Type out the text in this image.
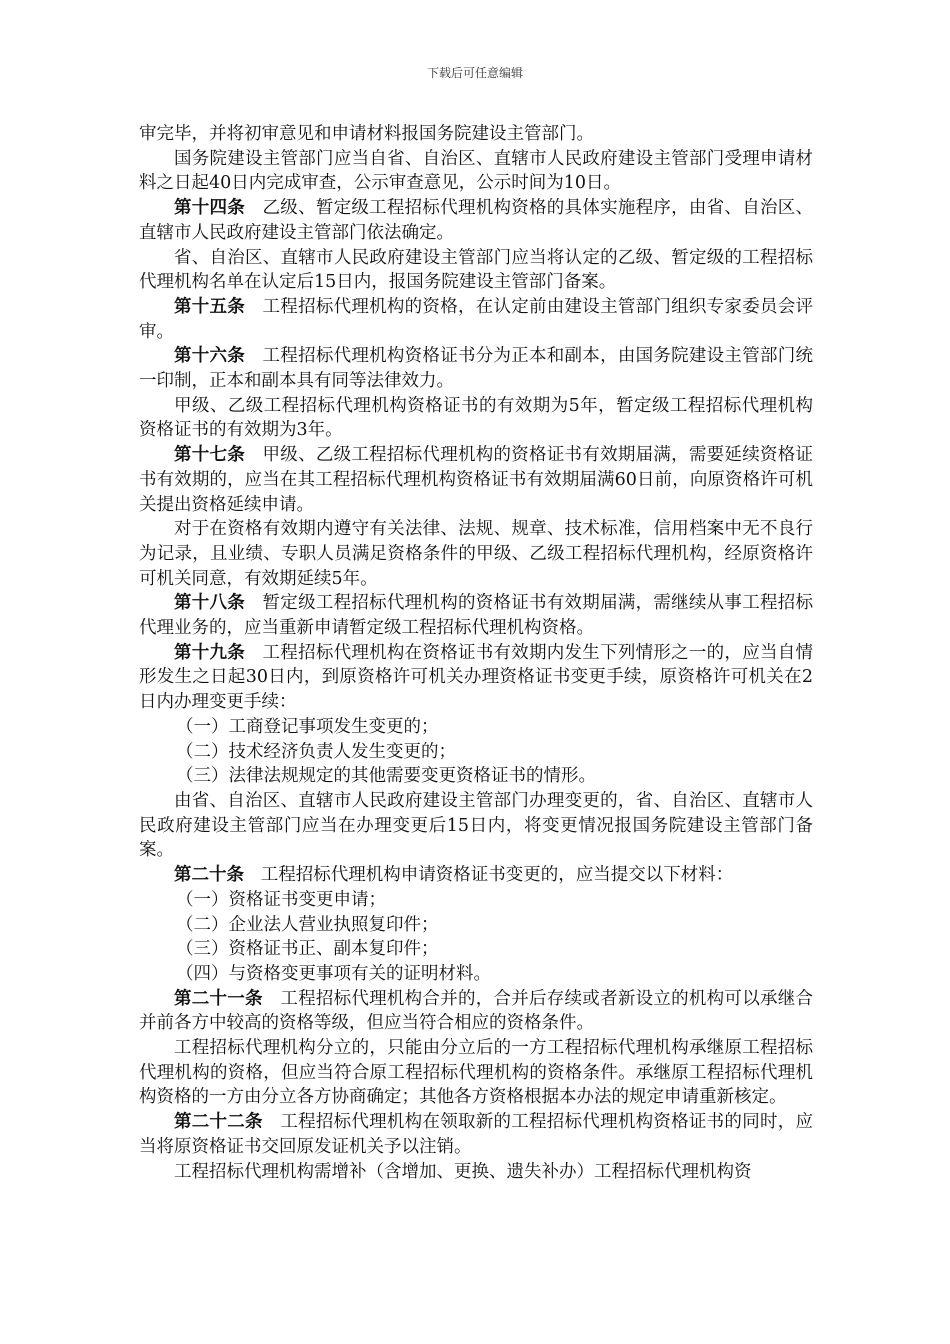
下载后可任意编辑

审完毕，并将初审意见和申请材料报国务院建设主管部门。

国务院建设主管部门应当自省、自治区、直辖市人民政府建设主管部门受理申请材料之日起40日内完成审查，公示审查意见，公示时间为10日。

第十四条 乙级、暂定级工程招标代理机构资格的具体实施程序，由省、自治区、直辖市人民政府建设主管部门依法确定。

省、自治区、直辖市人民政府建设主管部门应当将认定的乙级、暂定级的工程招标代理机构名单在认定后15日内，报国务院建设主管部门备案。

第十五条 工程招标代理机构的资格，在认定前由建设主管部门组织专家委员会评审。

第十六条 工程招标代理机构资格证书分为正本和副本，由国务院建设主管部门统一印制，正本和副本具有同等法律效力。

甲级、乙级工程招标代理机构资格证书的有效期为5年，暂定级工程招标代理机构资格证书的有效期为3年。

第十七条 甲级、乙级工程招标代理机构的资格证书有效期届满，需要延续资格证书有效期的，应当在其工程招标代理机构资格证书有效期届满60日前，向原资格许可机关提出资格延续申请。

对于在资格有效期内遵守有关法律、法规、规章、技术标准，信用档案中无不良行为记录，且业绩、专职人员满足资格条件的甲级、乙级工程招标代理机构，经原资格许可机关同意，有效期延续5年。

第十八条 暂定级工程招标代理机构的资格证书有效期届满，需继续从事工程招标代理业务的，应当重新申请暂定级工程招标代理机构资格。

第十九条 工程招标代理机构在资格证书有效期内发生下列情形之一的，应当自情形发生之日起30日内，到原资格许可机关办理资格证书变更手续，原资格许可机关在2日内办理变更手续：

（一）工商登记事项发生变更的；

（二）技术经济负责人发生变更的；

（三）法律法规规定的其他需要变更资格证书的情形。

由省、自治区、直辖市人民政府建设主管部门办理变更的，省、自治区、直辖市人民政府建设主管部门应当在办理变更后15日内，将变更情况报国务院建设主管部门备案。

第二十条 工程招标代理机构申请资格证书变更的，应当提交以下材料：

（一）资格证书变更申请；

（二）企业法人营业执照复印件；

（三）资格证书正、副本复印件；

（四）与资格变更事项有关的证明材料。

第二十一条 工程招标代理机构合并的，合并后存续或者新设立的机构可以承继合并前各方中较高的资格等级，但应当符合相应的资格条件。

工程招标代理机构分立的，只能由分立后的一方工程招标代理机构承继原工程招标代理机构的资格，但应当符合原工程招标代理机构的资格条件。承继原工程招标代理机构资格的一方由分立各方协商确定；其他各方资格根据本办法的规定申请重新核定。

第二十二条 工程招标代理机构在领取新的工程招标代理机构资格证书的同时，应当将原资格证书交回原发证机关予以注销。

工程招标代理机构需增补（含增加、更换、遗失补办）工程招标代理机构资
